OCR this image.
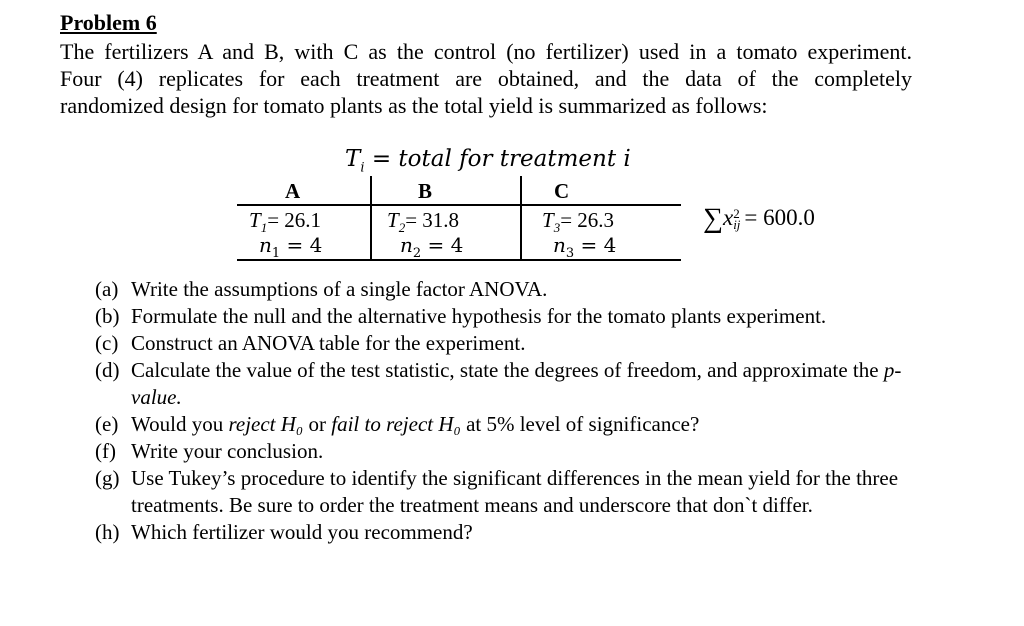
Problem 6
The fertilizers A and B, with C as the control (no fertilizer) used in a tomato experiment.
Four (4) replicates for each treatment are obtained, and the data of the completely
randomized design for tomato plants as the total yield is summarized as follows:
$T_i$ = total for treatment i
A	B	C
$T_1= 26.1$	$T_2= 31.8$	$T_3= 26.3$
$n_1 = 4$	$n_2 = 4$	$n_3 = 4$
∑x 2
ij = 600.0
(a) Write the assumptions of a single factor ANOVA.
(b) Formulate the null and the alternative hypothesis for the tomato plants experiment.
(c) Construct an ANOVA table for the experiment.
(d) Calculate the value of the test statistic, state the degrees of freedom, and approximate the p-value.
(e) Would you reject H₀ or fail to reject H₀ at 5% level of significance?
(f) Write your conclusion.
(g) Use Tukey’s procedure to identify the significant differences in the mean yield for the three treatments. Be sure to order the treatment means and underscore that don`t differ.
(h) Which fertilizer would you recommend?
